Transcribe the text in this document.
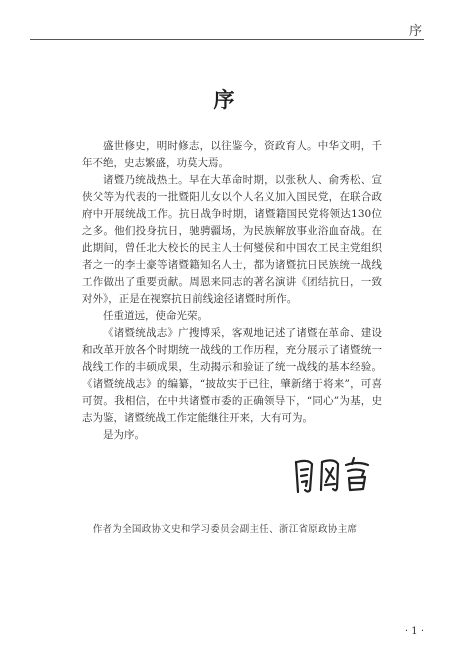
序
序

盛世修史，明时修志，以往鉴今，资政育人。中华文明，千年不绝，史志繁盛，功莫大焉。

诸暨乃统战热土。早在大革命时期，以张秋人、俞秀松、宣侠父等为代表的一批暨阳儿女以个人名义加入国民党，在联合政府中开展统战工作。抗日战争时期，诸暨籍国民党将领达130位之多。他们投身抗日，驰骋疆场，为民族解放事业浴血奋战。在此期间，曾任北大校长的民主人士何燮侯和中国农工民主党组织者之一的李士豪等诸暨籍知名人士，都为诸暨抗日民族统一战线工作做出了重要贡献。周恩来同志的著名演讲《团结抗日，一致对外》，正是在视察抗日前线途径诸暨时所作。

任重道远，使命光荣。

《诸暨统战志》广搜博采，客观地记述了诸暨在革命、建设和改革开放各个时期统一战线的工作历程，充分展示了诸暨统一战线工作的丰硕成果，生动揭示和验证了统一战线的基本经验。《诸暨统战志》的编纂，“披故实于已往，肇新绪于将来”，可喜可贺。我相信，在中共诸暨市委的正确领导下，“同心”为基，史志为鉴，诸暨统战工作定能继往开来，大有可为。

是为序。

作者为全国政协文史和学习委员会副主任、浙江省原政协主席
· 1 ·
